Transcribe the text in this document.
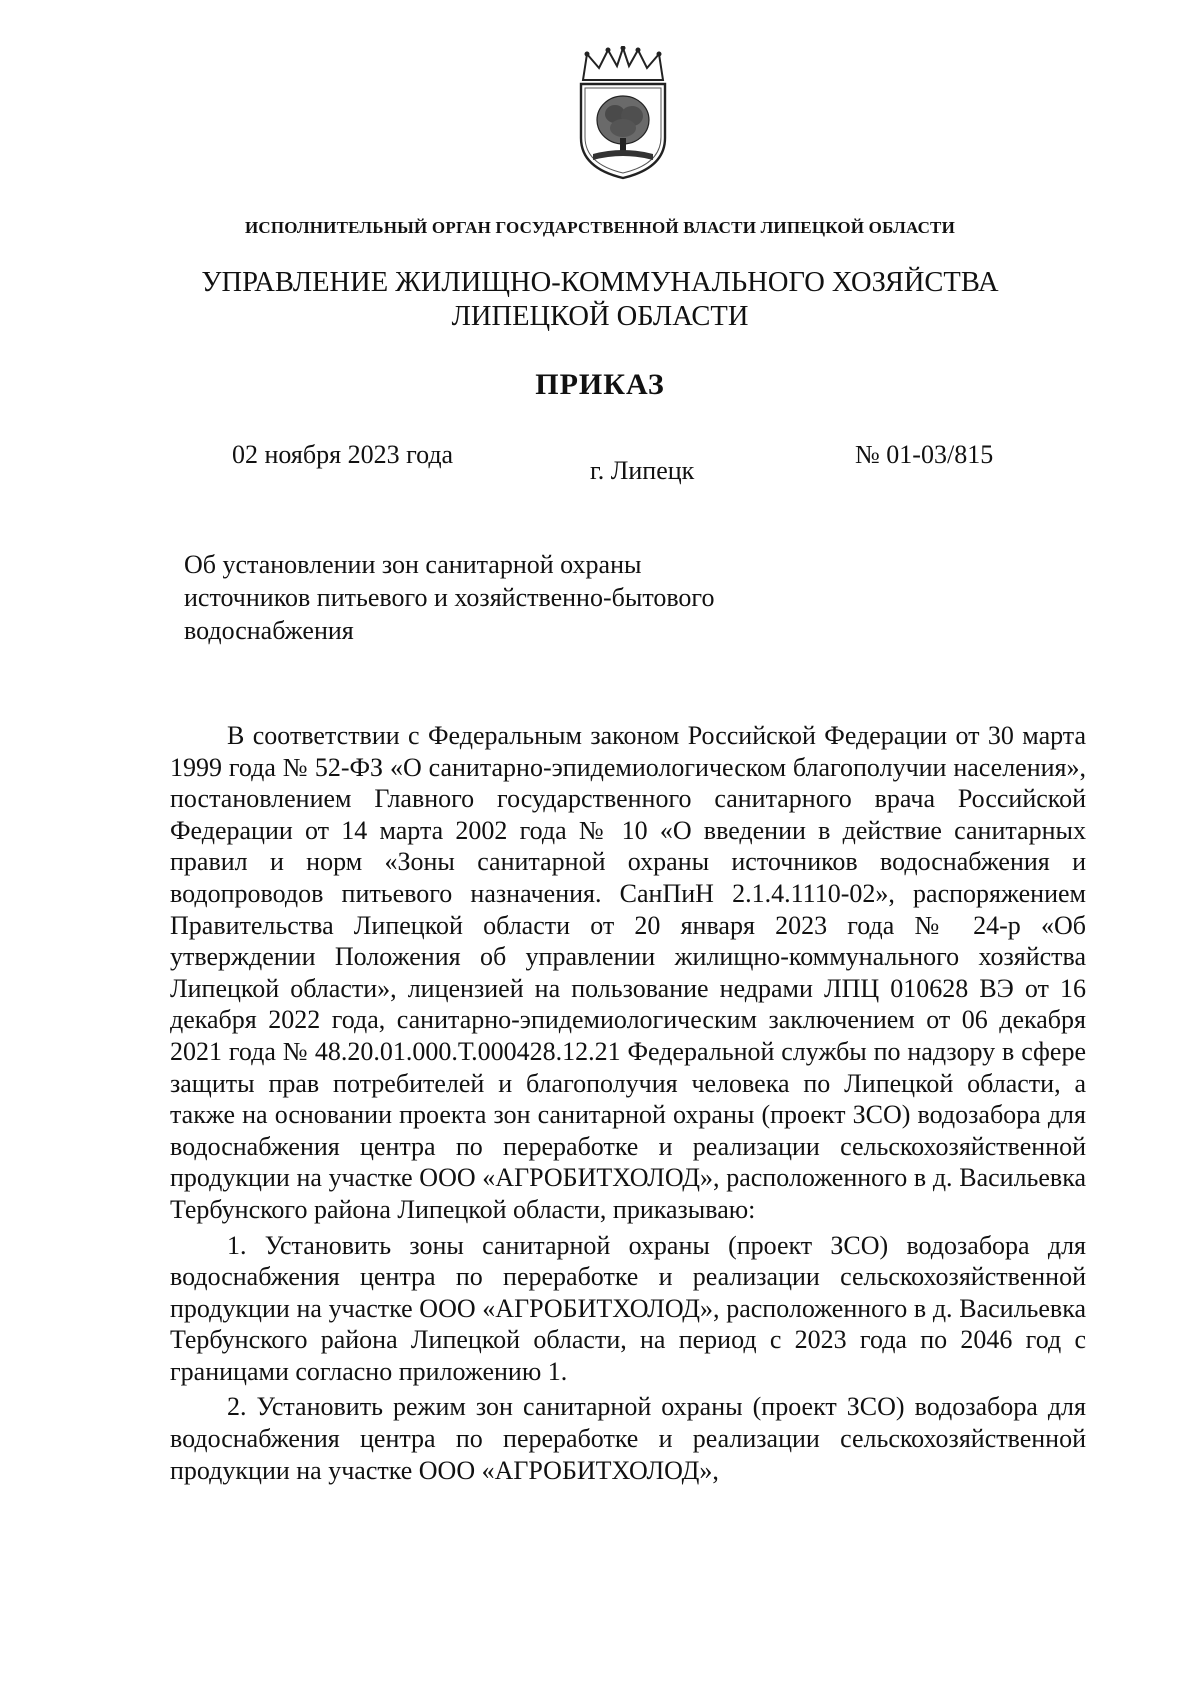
ИСПОЛНИТЕЛЬНЫЙ ОРГАН ГОСУДАРСТВЕННОЙ ВЛАСТИ ЛИПЕЦКОЙ ОБЛАСТИ
УПРАВЛЕНИЕ ЖИЛИЩНО-КОММУНАЛЬНОГО ХОЗЯЙСТВА
ЛИПЕЦКОЙ ОБЛАСТИ
ПРИКАЗ
02 ноября 2023 года
г. Липецк
№ 01-03/815
Об установлении зон санитарной охраны
источников питьевого и хозяйственно-бытового
водоснабжения

В соответствии с Федеральным законом Российской Федерации от 30 марта 1999 года № 52-ФЗ «О санитарно-эпидемиологическом благополучии населения», постановлением Главного государственного санитарного врача Российской Федерации от 14 марта 2002 года № 10 «О введении в действие санитарных правил и норм «Зоны санитарной охраны источников водоснабжения и водопроводов питьевого назначения. СанПиН 2.1.4.1110-02», распоряжением Правительства Липецкой области от 20 января 2023 года № 24-р «Об утверждении Положения об управлении жилищно-коммунального хозяйства Липецкой области», лицензией на пользование недрами ЛПЦ 010628 ВЭ от 16 декабря 2022 года, санитарно-эпидемиологическим заключением от 06 декабря 2021 года № 48.20.01.000.Т.000428.12.21 Федеральной службы по надзору в сфере защиты прав потребителей и благополучия человека по Липецкой области, а также на основании проекта зон санитарной охраны (проект ЗСО) водозабора для водоснабжения центра по переработке и реализации сельскохозяйственной продукции на участке ООО «АГРОБИТХОЛОД», расположенного в д. Васильевка Тербунского района Липецкой области, приказываю:

1. Установить зоны санитарной охраны (проект ЗСО) водозабора для водоснабжения центра по переработке и реализации сельскохозяйственной продукции на участке ООО «АГРОБИТХОЛОД», расположенного в д. Васильевка Тербунского района Липецкой области, на период с 2023 года по 2046 год с границами согласно приложению 1.

2. Установить режим зон санитарной охраны (проект ЗСО) водозабора для водоснабжения центра по переработке и реализации сельскохозяйственной продукции на участке ООО «АГРОБИТХОЛОД»,
